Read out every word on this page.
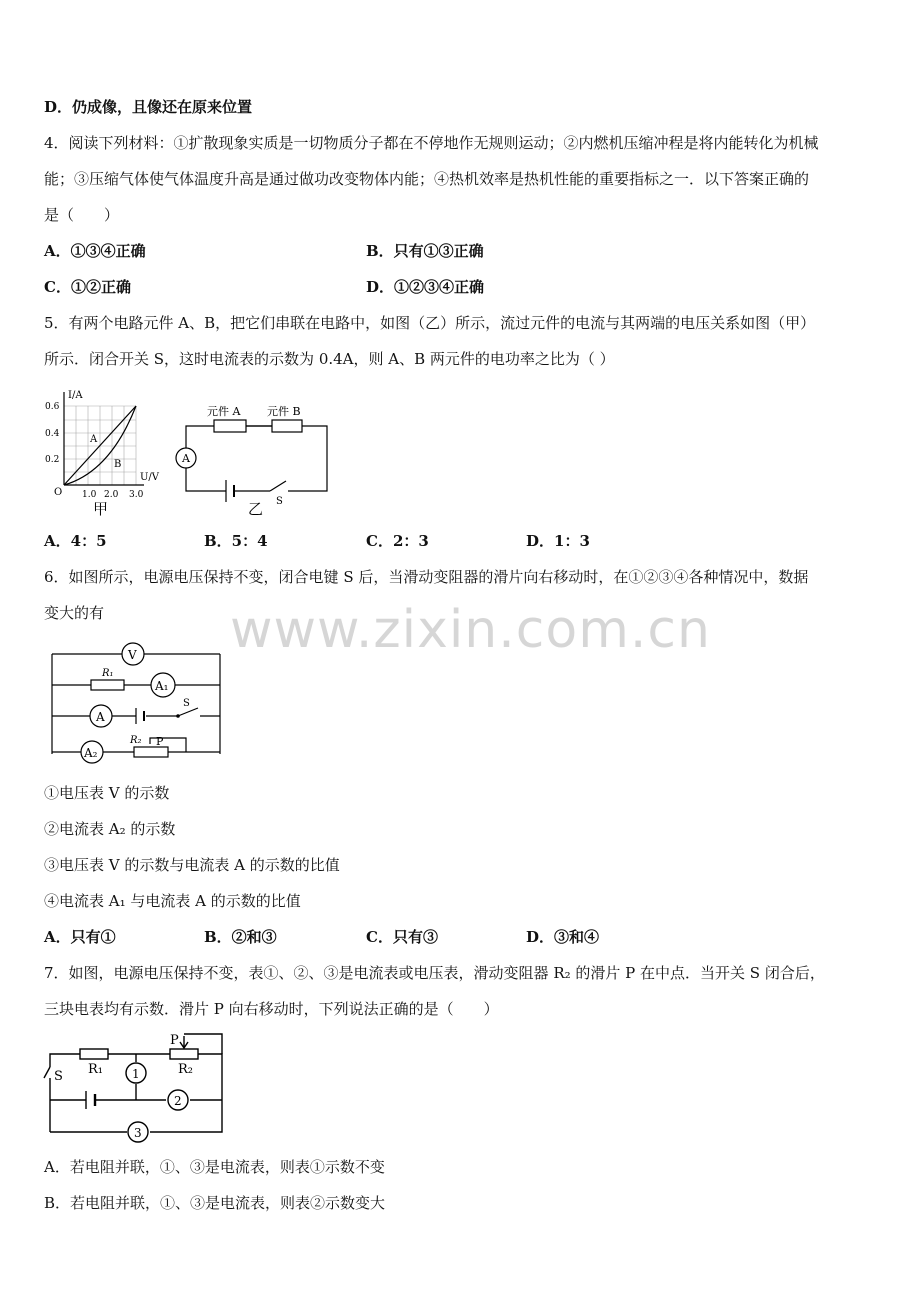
www.zixin.com.cn
D．仍成像，且像还在原来位置
4．阅读下列材料：①扩散现象实质是一切物质分子都在不停地作无规则运动；②内燃机压缩冲程是将内能转化为机械
能；③压缩气体使气体温度升高是通过做功改变物体内能；④热机效率是热机性能的重要指标之一．以下答案正确的
是（　　）
A．①③④正确	B．只有①③正确
C．①②正确	D．①②③④正确
5．有两个电路元件 A、B，把它们串联在电路中，如图（乙）所示，流过元件的电流与其两端的电压关系如图（甲）
所示．闭合开关 S，这时电流表的示数为 0.4A，则 A、B 两元件的电功率之比为（ ）
I/A
U/V
O
0.6
0.4
0.2
1.0 2.0 3.0
A
B
甲
A
元件 A 元件 B
S
乙
A．4：5	B．5：4	C．2：3	D．1：3
6．如图所示，电源电压保持不变，闭合电键 S 后，当滑动变阻器的滑片向右移动时，在①②③④各种情况中，数据
变大的有
V
R₁
A₁
A
S
A₂
R₂ P
①电压表 V 的示数
②电流表 A₂ 的示数
③电压表 V 的示数与电流表 A 的示数的比值
④电流表 A₁ 与电流表 A 的示数的比值
A．只有①	B．②和③	C．只有③	D．③和④
7．如图，电源电压保持不变，表①、②、③是电流表或电压表，滑动变阻器 R₂ 的滑片 P 在中点．当开关 S 闭合后，
三块电表均有示数．滑片 P 向右移动时，下列说法正确的是（　　）
P
R₁	R₂
S	1
2
3
A．若电阻并联，①、③是电流表，则表①示数不变
B．若电阻并联，①、③是电流表，则表②示数变大
